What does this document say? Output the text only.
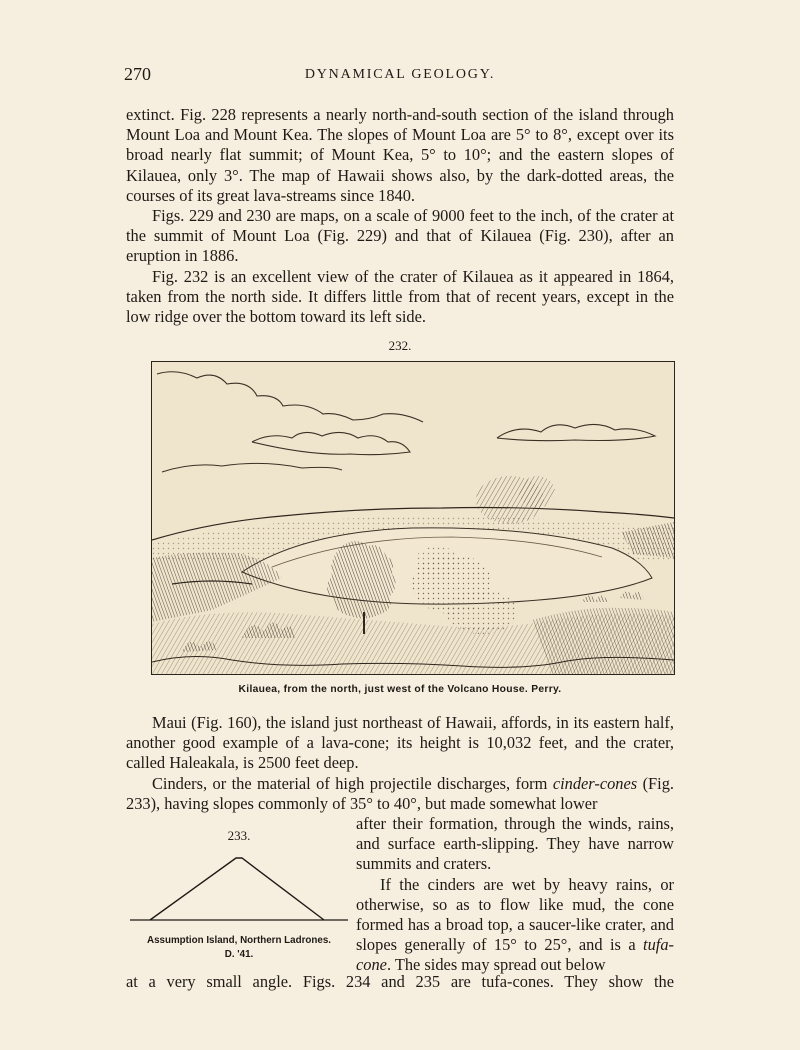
270	DYNAMICAL GEOLOGY.

extinct. Fig. 228 represents a nearly north-and-south section of the island through Mount Loa and Mount Kea. The slopes of Mount Loa are 5° to 8°, except over its broad nearly flat summit; of Mount Kea, 5° to 10°; and the eastern slopes of Kilauea, only 3°. The map of Hawaii shows also, by the dark-dotted areas, the courses of its great lava-streams since 1840.

Figs. 229 and 230 are maps, on a scale of 9000 feet to the inch, of the crater at the summit of Mount Loa (Fig. 229) and that of Kilauea (Fig. 230), after an eruption in 1886.

Fig. 232 is an excellent view of the crater of Kilauea as it appeared in 1864, taken from the north side. It differs little from that of recent years, except in the low ridge over the bottom toward its left side.

232.
Kilauea, from the north, just west of the Volcano House. Perry.

Maui (Fig. 160), the island just northeast of Hawaii, affords, in its eastern half, another good example of a lava-cone; its height is 10,032 feet, and the crater, called Haleakala, is 2500 feet deep.

Cinders, or the material of high projectile discharges, form cinder-cones (Fig. 233), having slopes commonly of 35° to 40°, but made somewhat lower

after their formation, through the winds, rains, and surface earth-slipping. They have narrow summits and craters.

If the cinders are wet by heavy rains, or otherwise, so as to flow like mud, the cone formed has a broad top, a saucer-like crater, and slopes generally of 15° to 25°, and is a tufa-cone. The sides may spread out below

233.
Assumption Island, Northern Ladrones.
D. '41.
at a very small angle. Figs. 234 and 235 are tufa-cones. They show the
